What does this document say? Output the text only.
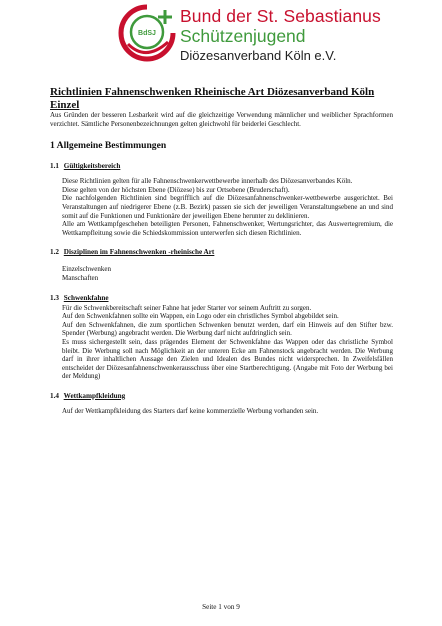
BdSJ
Bund der St. Sebastianus
Schützenjugend
Diözesanverband Köln e.V.
Richtlinien Fahnenschwenken Rheinische Art Diözesanverband Köln Einzel

Aus Gründen der besseren Lesbarkeit wird auf die gleichzeitige Verwendung männlicher und weiblicher Sprachformen verzichtet. Sämtliche Personenbezeichnungen gelten gleichwohl für beiderlei Geschlecht.

1 Allgemeine Bestimmungen
1.1 Gültigkeitsbereich

Diese Richtlinien gelten für alle Fahnenschwenkerwettbewerbe innerhalb des Diözesanverbandes Köln.

Diese gelten von der höchsten Ebene (Diözese) bis zur Ortsebene (Bruderschaft).

Die nachfolgenden Richtlinien sind begrifflich auf die Diözesanfahnenschwenker-wettbewerbe ausgerichtet. Bei Veranstaltungen auf niedrigerer Ebene (z.B. Bezirk) passen sie sich der jeweiligen Veranstaltungsebene an und sind somit auf die Funktionen und Funktionäre der jeweiligen Ebene herunter zu deklinieren.

Alle am Wettkampfgeschehen beteiligten Personen, Fahnenschwenker, Wertungsrichter, das Auswertegremium, die Wettkampfleitung sowie die Schiedskommission unterwerfen sich diesen Richtlinien.

1.2 Disziplinen im Fahnenschwenken -rheinische Art
Einzelschwenken
Manschaften
1.3 Schwenkfahne

Für die Schwenkbereitschaft seiner Fahne hat jeder Starter vor seinem Auftritt zu sorgen.

Auf den Schwenkfahnen sollte ein Wappen, ein Logo oder ein christliches Symbol abgebildet sein.

Auf den Schwenkfahnen, die zum sportlichen Schwenken benutzt werden, darf ein Hinweis auf den Stifter bzw. Spender (Werbung) angebracht werden. Die Werbung darf nicht aufdringlich sein.

Es muss sichergestellt sein, dass prägendes Element der Schwenkfahne das Wappen oder das christliche Symbol bleibt. Die Werbung soll nach Möglichkeit an der unteren Ecke am Fahnenstock angebracht werden. Die Werbung darf in ihrer inhaltlichen Aussage den Zielen und Idealen des Bundes nicht widersprechen. In Zweifelsfällen entscheidet der Diözesanfahnenschwenkerausschuss über eine Startberechtigung. (Angabe mit Foto der Werbung bei der Meldung)

1.4 Wettkampfkleidung

Auf der Wettkampfkleidung des Starters darf keine kommerzielle Werbung vorhanden sein.

Seite 1 von 9
